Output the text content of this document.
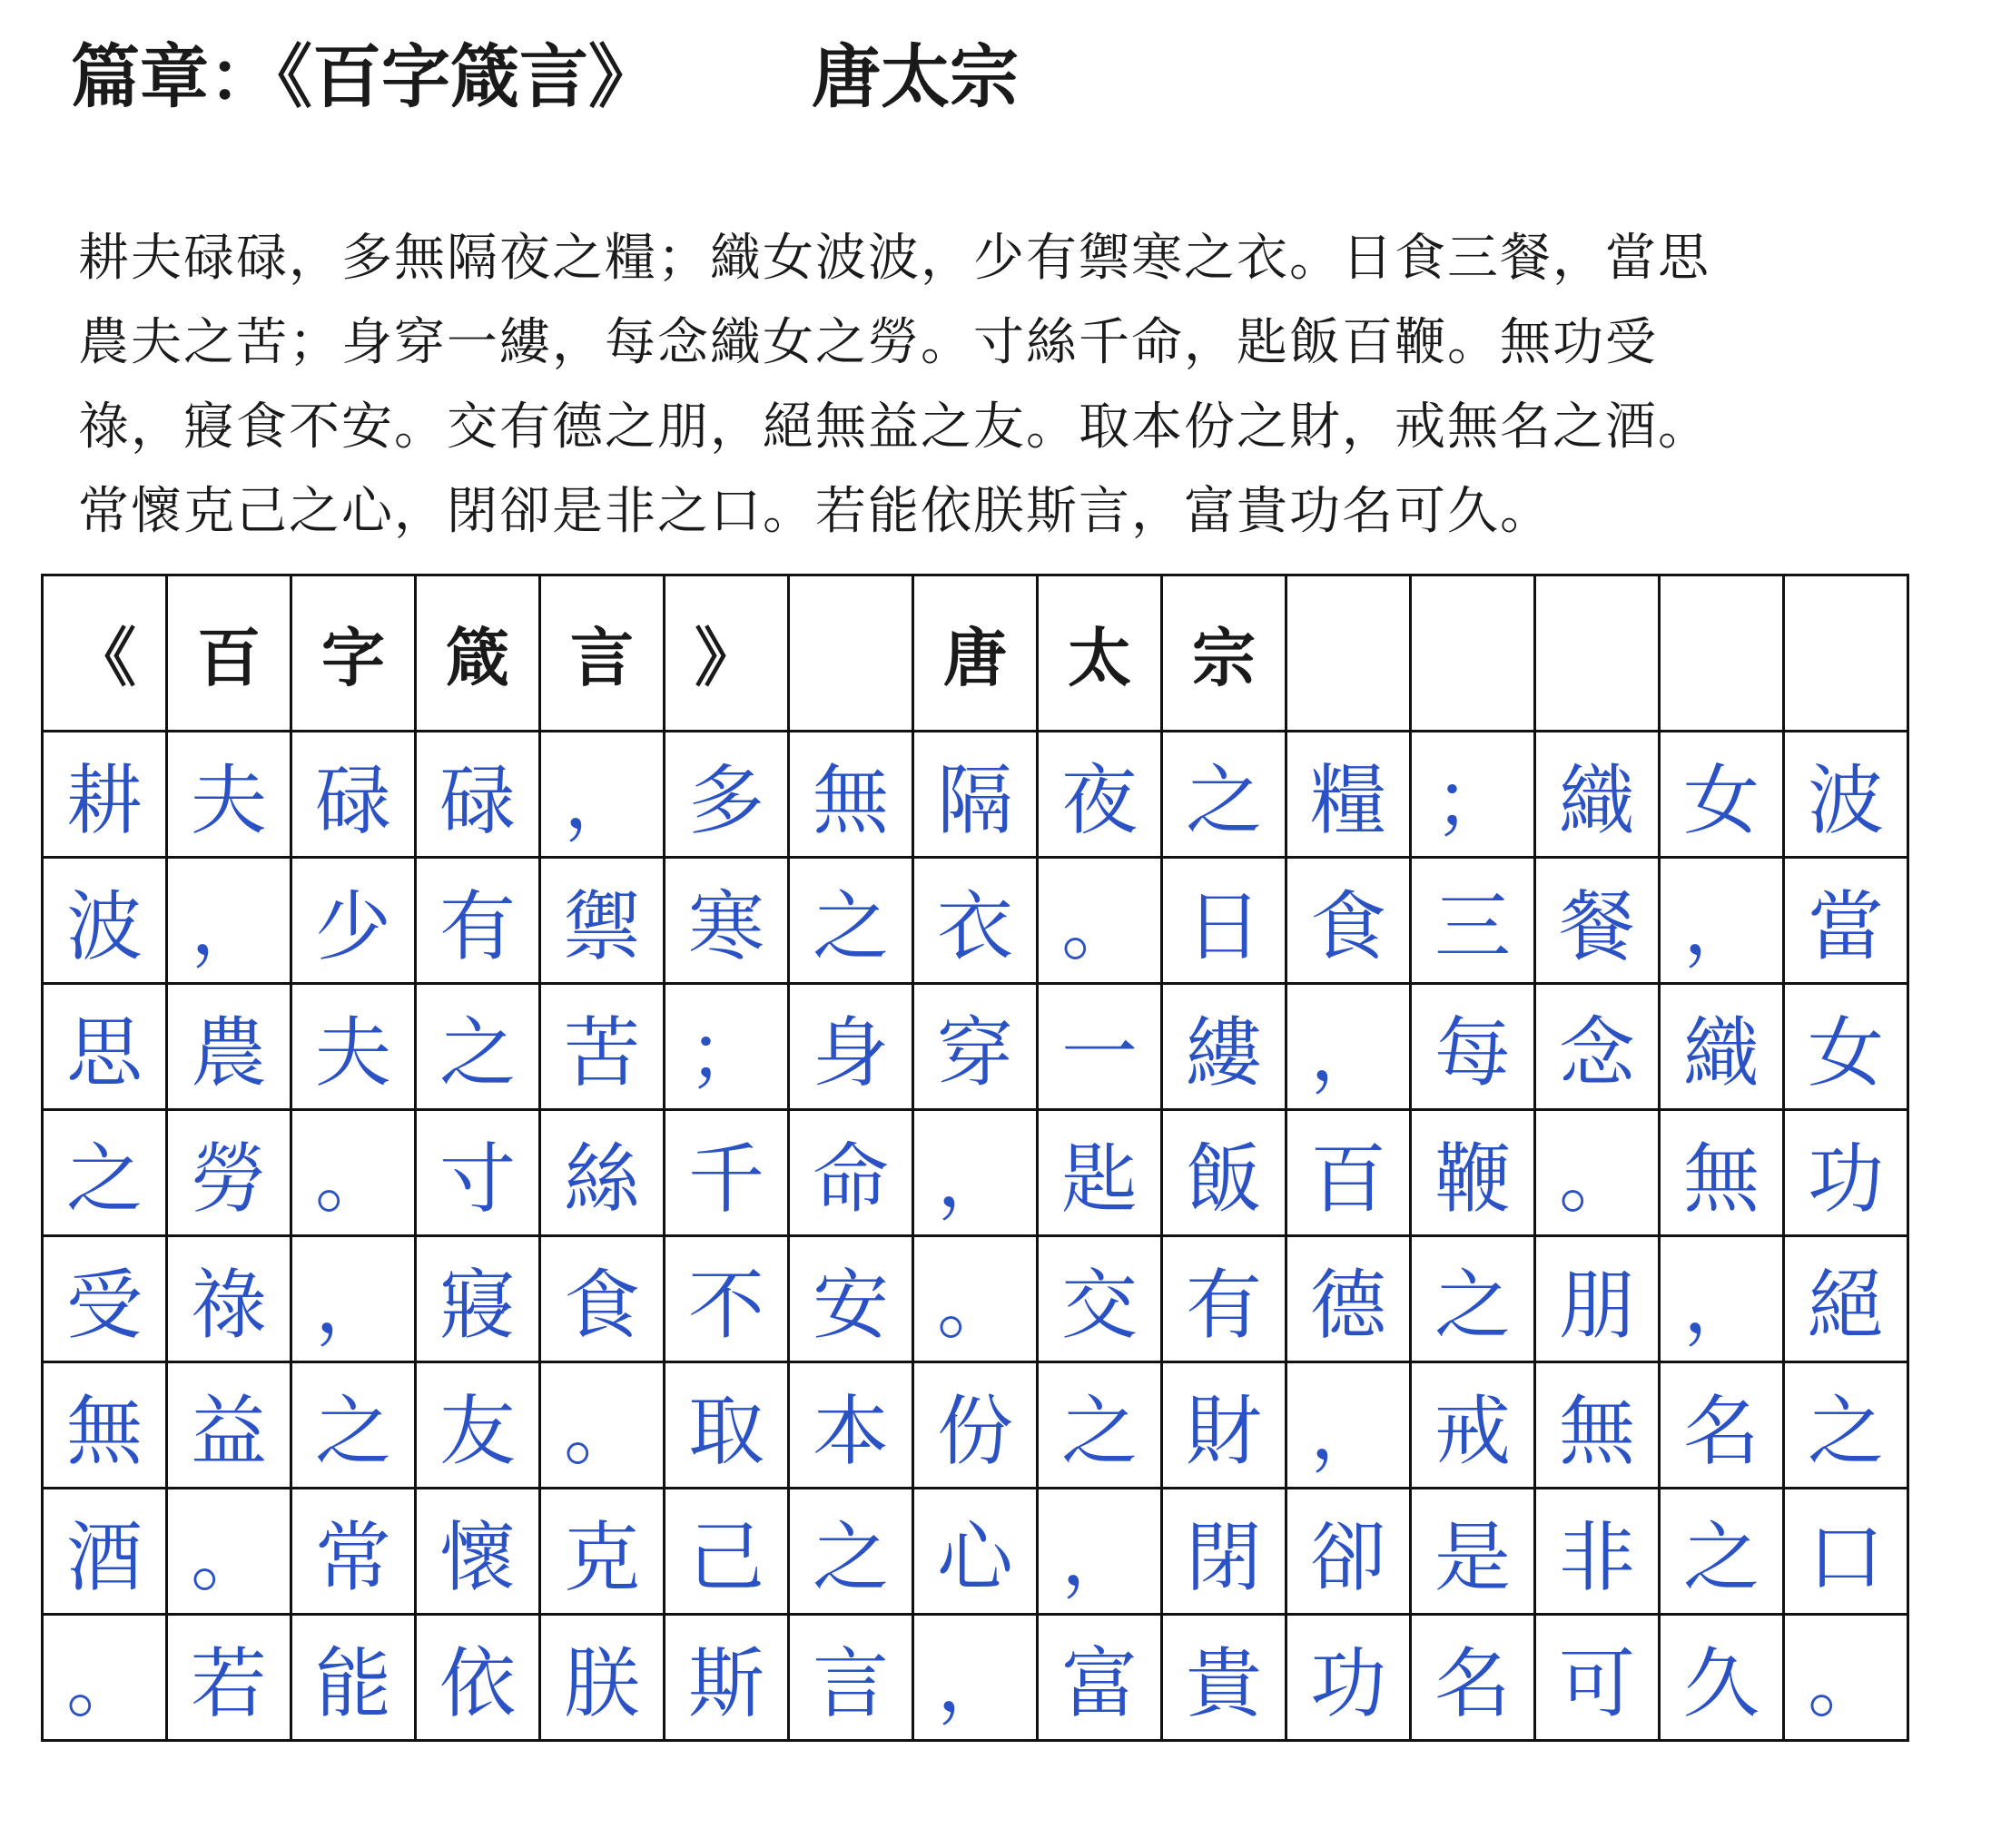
篇章：《百字箴言》 唐太宗

耕夫碌碌，多無隔夜之糧；織女波波，少有禦寒之衣。日食三餐，當思

農夫之苦；身穿一縷，每念織女之勞。寸絲千命，匙飯百鞭。無功受

祿，寢食不安。交有德之朋，絕無益之友。取本份之財，戒無名之酒。

常懷克己之心，閉卻是非之口。若能依朕斯言，富貴功名可久。

《 百 字 箴 言 》	唐 太 宗
耕 夫 碌 碌 ， 多 無 隔 夜 之 糧 ； 織 女 波
波 ， 少 有 禦 寒 之 衣 。 日 食 三 餐 ， 當
思 農 夫 之 苦 ； 身 穿 一 縷 ， 每 念 織 女
之 勞 。 寸 絲 千 命 ， 匙 飯 百 鞭 。 無 功
受 祿 ， 寢 食 不 安 。 交 有 德 之 朋 ， 絕
無 益 之 友 。 取 本 份 之 財 ， 戒 無 名 之
酒 。 常 懷 克 己 之 心 ， 閉 卻 是 非 之 口
。 若 能 依 朕 斯 言 ， 富 貴 功 名 可 久 。
